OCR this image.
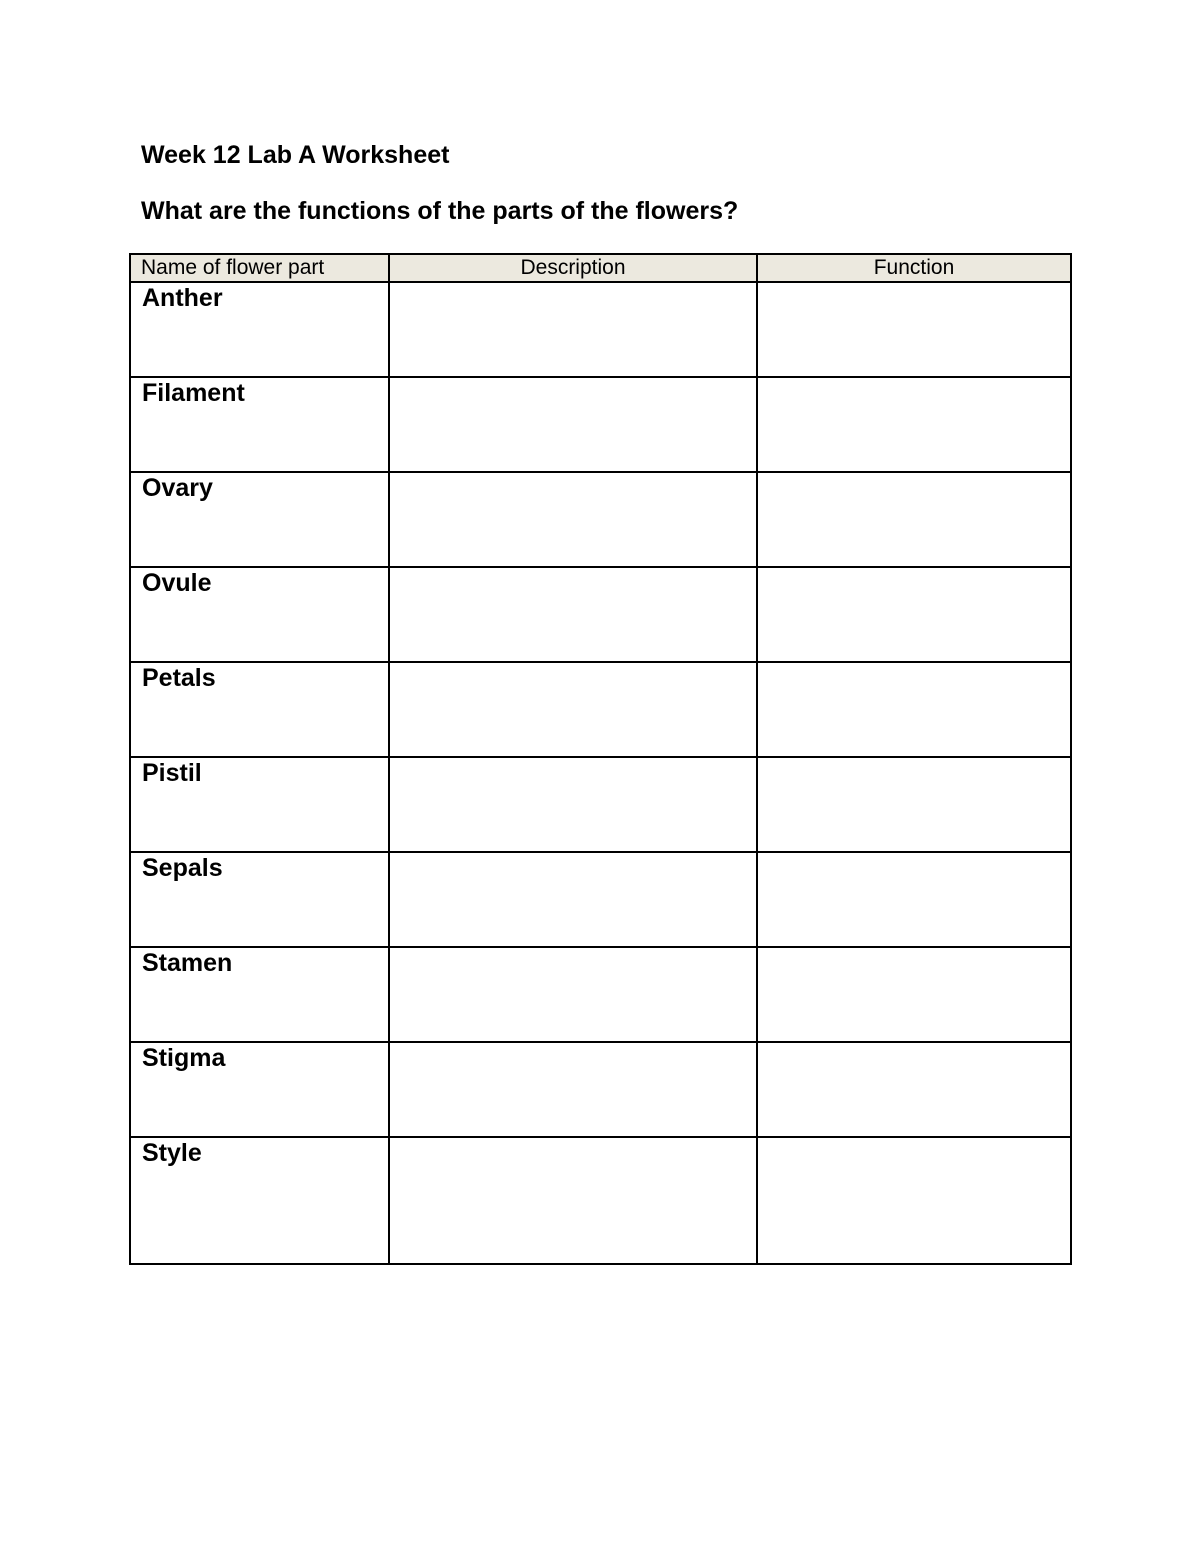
Week 12 Lab A Worksheet
What are the functions of the parts of the flowers?
Name of flower part	Description	Function
Anther		
Filament		
Ovary		
Ovule		
Petals		
Pistil		
Sepals		
Stamen		
Stigma		
Style		
